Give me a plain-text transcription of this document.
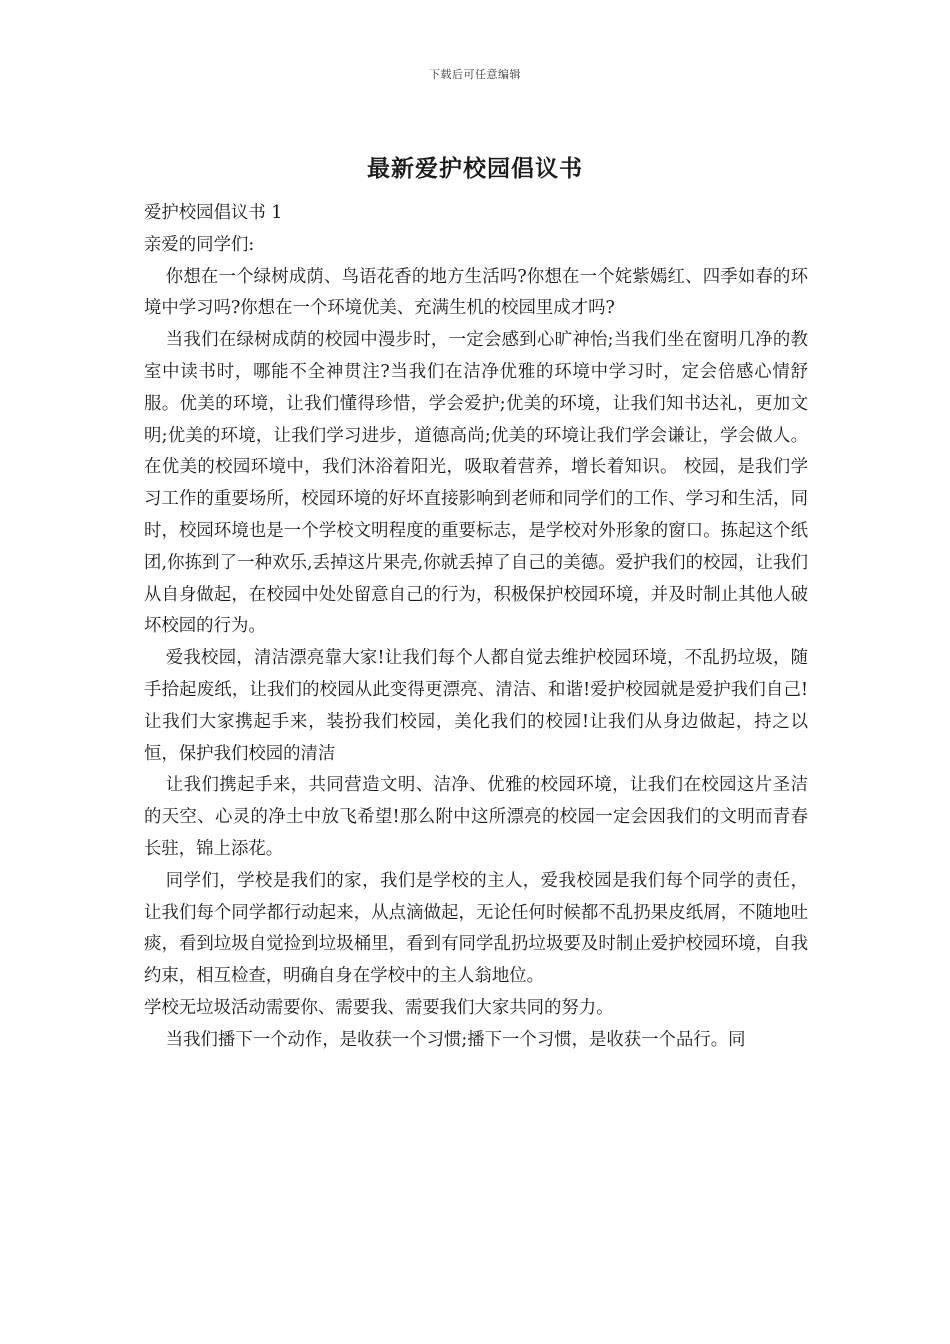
下载后可任意编辑
最新爱护校园倡议书

爱护校园倡议书 1

亲爱的同学们:

你想在一个绿树成荫、鸟语花香的地方生活吗?你想在一个姹紫嫣红、四季如春的环境中学习吗?你想在一个环境优美、充满生机的校园里成才吗?

当我们在绿树成荫的校园中漫步时，一定会感到心旷神怡;当我们坐在窗明几净的教室中读书时，哪能不全神贯注?当我们在洁净优雅的环境中学习时，定会倍感心情舒服。优美的环境，让我们懂得珍惜，学会爱护;优美的环境，让我们知书达礼，更加文明;优美的环境，让我们学习进步，道德高尚;优美的环境让我们学会谦让，学会做人。在优美的校园环境中，我们沐浴着阳光，吸取着营养，增长着知识。 校园，是我们学习工作的重要场所，校园环境的好坏直接影响到老师和同学们的工作、学习和生活，同时，校园环境也是一个学校文明程度的重要标志，是学校对外形象的窗口。拣起这个纸团,你拣到了一种欢乐,丢掉这片果壳,你就丢掉了自己的美德。爱护我们的校园，让我们从自身做起，在校园中处处留意自己的行为，积极保护校园环境，并及时制止其他人破坏校园的行为。

爱我校园，清洁漂亮靠大家!让我们每个人都自觉去维护校园环境，不乱扔垃圾，随手拾起废纸，让我们的校园从此变得更漂亮、清洁、和谐!爱护校园就是爱护我们自己!让我们大家携起手来，装扮我们校园，美化我们的校园!让我们从身边做起，持之以恒，保护我们校园的清洁

让我们携起手来，共同营造文明、洁净、优雅的校园环境，让我们在校园这片圣洁的天空、心灵的净土中放飞希望!那么附中这所漂亮的校园一定会因我们的文明而青春长驻，锦上添花。

同学们，学校是我们的家，我们是学校的主人，爱我校园是我们每个同学的责任，让我们每个同学都行动起来，从点滴做起，无论任何时候都不乱扔果皮纸屑，不随地吐痰，看到垃圾自觉捡到垃圾桶里，看到有同学乱扔垃圾要及时制止爱护校园环境，自我约束，相互检查，明确自身在学校中的主人翁地位。

学校无垃圾活动需要你、需要我、需要我们大家共同的努力。

当我们播下一个动作，是收获一个习惯;播下一个习惯，是收获一个品行。同
